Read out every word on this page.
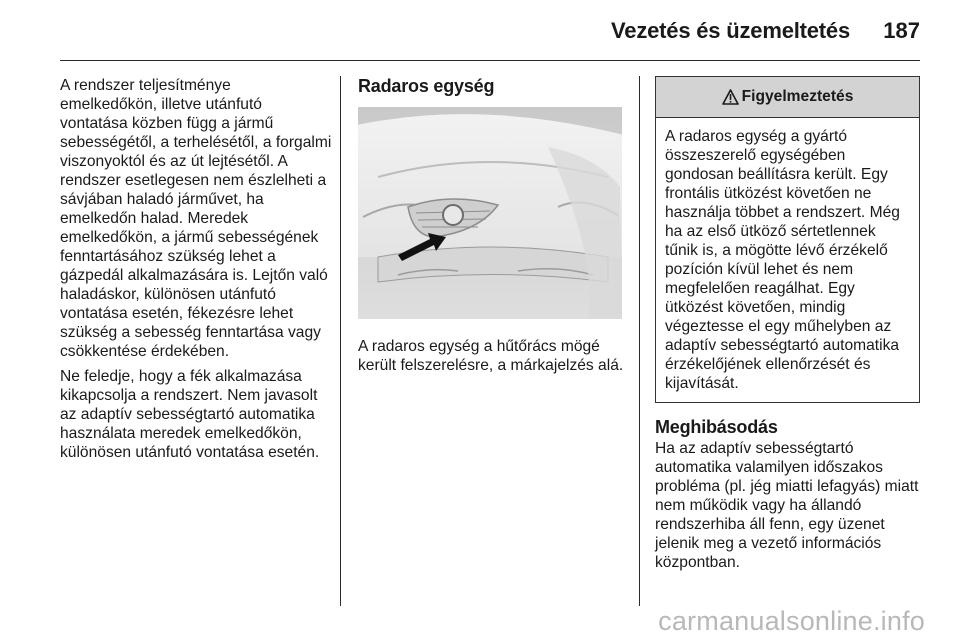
Vezetés és üzemeltetés	187

A rendszer teljesítménye emelkedőkön, illetve utánfutó vontatása közben függ a jármű sebességétől, a terhelésétől, a forgalmi viszonyoktól és az út lejtésétől. A rendszer esetlegesen nem észlelheti a sávjában haladó járművet, ha emelkedőn halad. Meredek emelkedőkön, a jármű sebességének fenntartásához szükség lehet a gázpedál alkalmazására is. Lejtőn való haladáskor, különösen utánfutó vontatása esetén, fékezésre lehet szükség a sebesség fenntartása vagy csökkentése érdekében.

Ne feledje, hogy a fék alkalmazása kikapcsolja a rendszert. Nem javasolt az adaptív sebességtartó automatika használata meredek emelkedőkön, különösen utánfutó vontatása esetén.

Radaros egység

A radaros egység a hűtőrács mögé került felszerelésre, a márkajelzés alá.

Figyelmeztetés

A radaros egység a gyártó összeszerelő egységében gondosan beállításra került. Egy frontális ütközést követően ne használja többet a rendszert. Még ha az első ütköző sértetlennek tűnik is, a mögötte lévő érzékelő pozíción kívül lehet és nem megfelelően reagálhat. Egy ütközést követően, mindig végeztesse el egy műhelyben az adaptív sebességtartó automatika érzékelőjének ellenőrzését és kijavítását.

Meghibásodás

Ha az adaptív sebességtartó automatika valamilyen időszakos probléma (pl. jég miatti lefagyás) miatt nem működik vagy ha állandó rendszerhiba áll fenn, egy üzenet jelenik meg a vezető információs központban.

carmanualsonline.info
